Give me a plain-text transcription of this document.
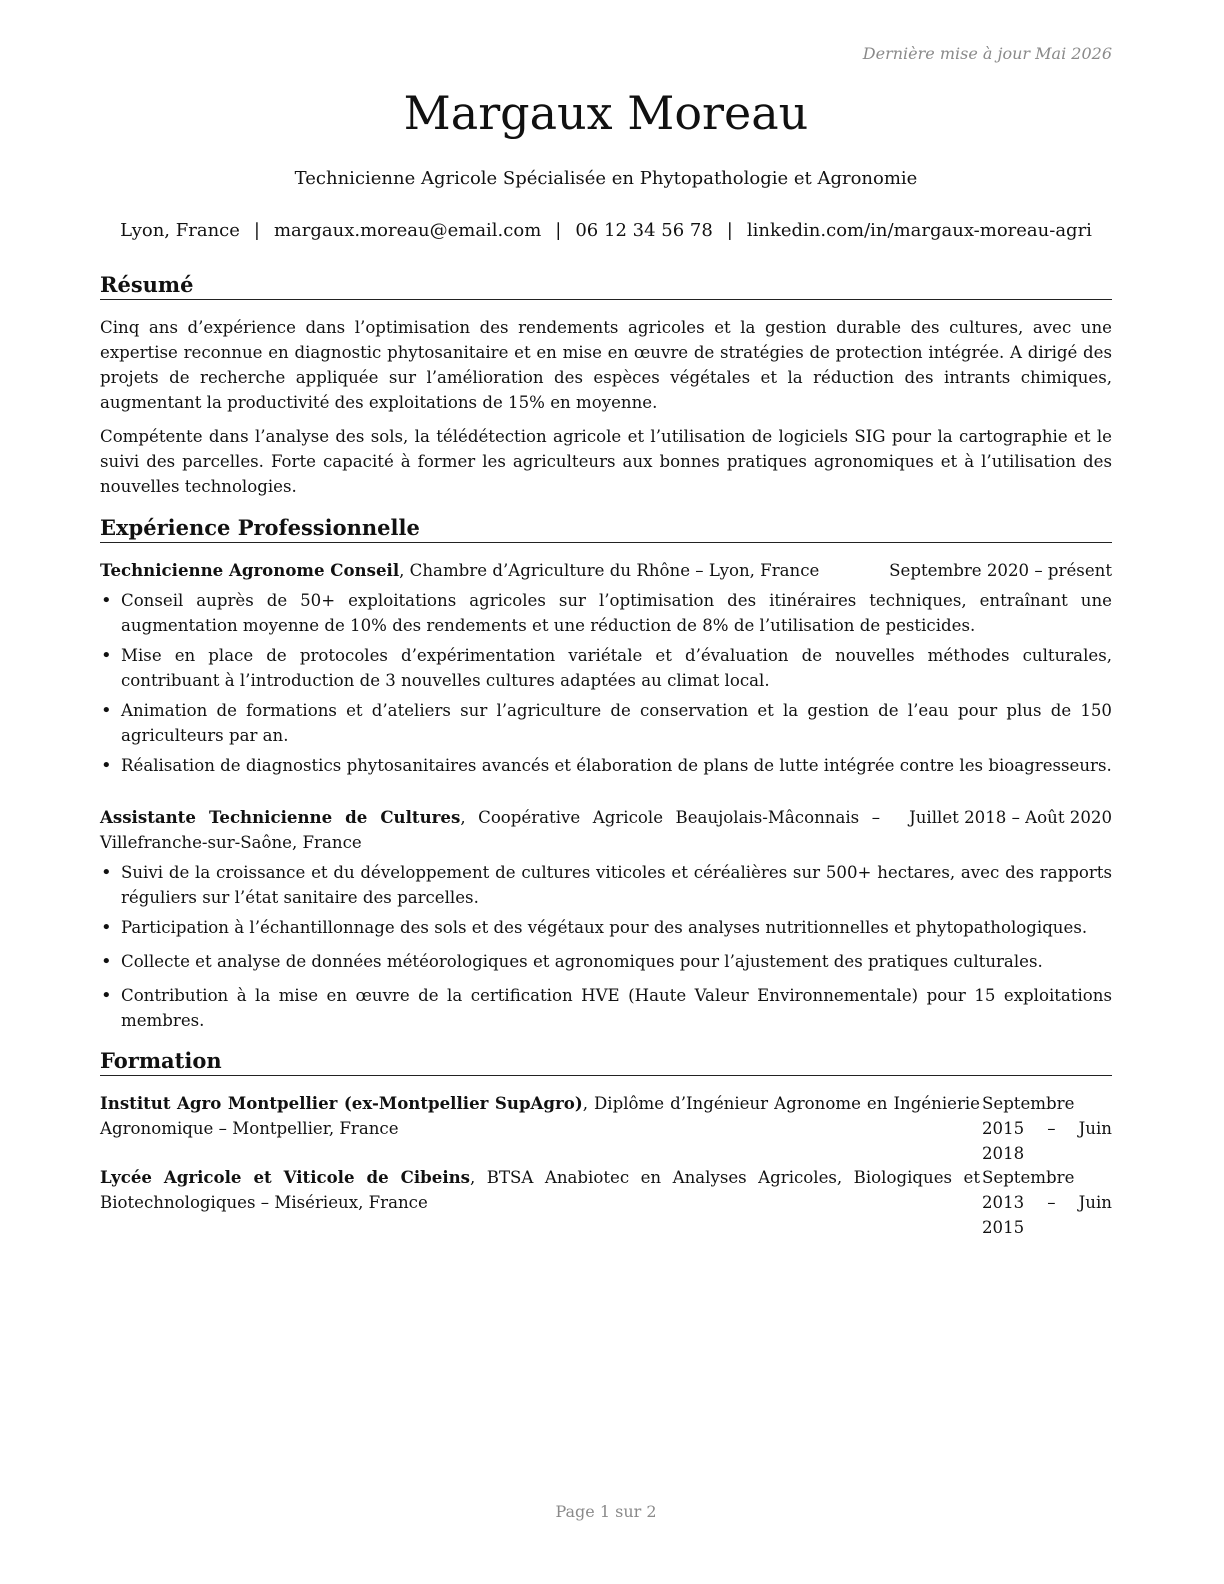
Dernière mise à jour Mai 2026
Margaux Moreau
Technicienne Agricole Spécialisée en Phytopathologie et Agronomie
Lyon, France | margaux.moreau@email.com | 06 12 34 56 78 | linkedin.com/in/margaux-moreau-agri
Résumé

Cinq ans d’expérience dans l’optimisation des rendements agricoles et la gestion durable des cultures, avec une expertise reconnue en diagnostic phytosanitaire et en mise en œuvre de stratégies de protection intégrée. A dirigé des projets de recherche appliquée sur l’amélioration des espèces végétales et la réduction des intrants chimiques, augmentant la productivité des exploitations de 15% en moyenne.

Compétente dans l’analyse des sols, la télédétection agricole et l’utilisation de logiciels SIG pour la cartographie et le suivi des parcelles. Forte capacité à former les agriculteurs aux bonnes pratiques agronomiques et à l’utilisation des nouvelles technologies.

Expérience Professionnelle
Technicienne Agronome Conseil, Chambre d’Agriculture du Rhône – Lyon, France	Septembre 2020 – présent
• Conseil auprès de 50+ exploitations agricoles sur l’optimisation des itinéraires techniques, entraînant une augmentation moyenne de 10% des rendements et une réduction de 8% de l’utilisation de pesticides.
• Mise en place de protocoles d’expérimentation variétale et d’évaluation de nouvelles méthodes culturales, contribuant à l’introduction de 3 nouvelles cultures adaptées au climat local.
• Animation de formations et d’ateliers sur l’agriculture de conservation et la gestion de l’eau pour plus de 150 agriculteurs par an.
• Réalisation de diagnostics phytosanitaires avancés et élaboration de plans de lutte intégrée contre les bioagresseurs.
Assistante Technicienne de Cultures, Coopérative Agricole Beaujolais-Mâconnais – Villefranche-sur-Saône, France
Juillet 2018 – Août 2020
• Suivi de la croissance et du développement de cultures viticoles et céréalières sur 500+ hectares, avec des rapports réguliers sur l’état sanitaire des parcelles.
• Participation à l’échantillonnage des sols et des végétaux pour des analyses nutritionnelles et phytopathologiques.
• Collecte et analyse de données météorologiques et agronomiques pour l’ajustement des pratiques culturales.
• Contribution à la mise en œuvre de la certification HVE (Haute Valeur Environnementale) pour 15 exploitations membres.
Formation
Institut Agro Montpellier (ex-Montpellier SupAgro), Diplôme d’Ingénieur Agronome en Ingénierie Agronomique – Montpellier, France
Septembre 2015 – Juin 2018
Lycée Agricole et Viticole de Cibeins, BTSA Anabiotec en Analyses Agricoles, Biologiques et Biotechnologiques – Misérieux, France
Septembre 2013 – Juin 2015
Page 1 sur 2
